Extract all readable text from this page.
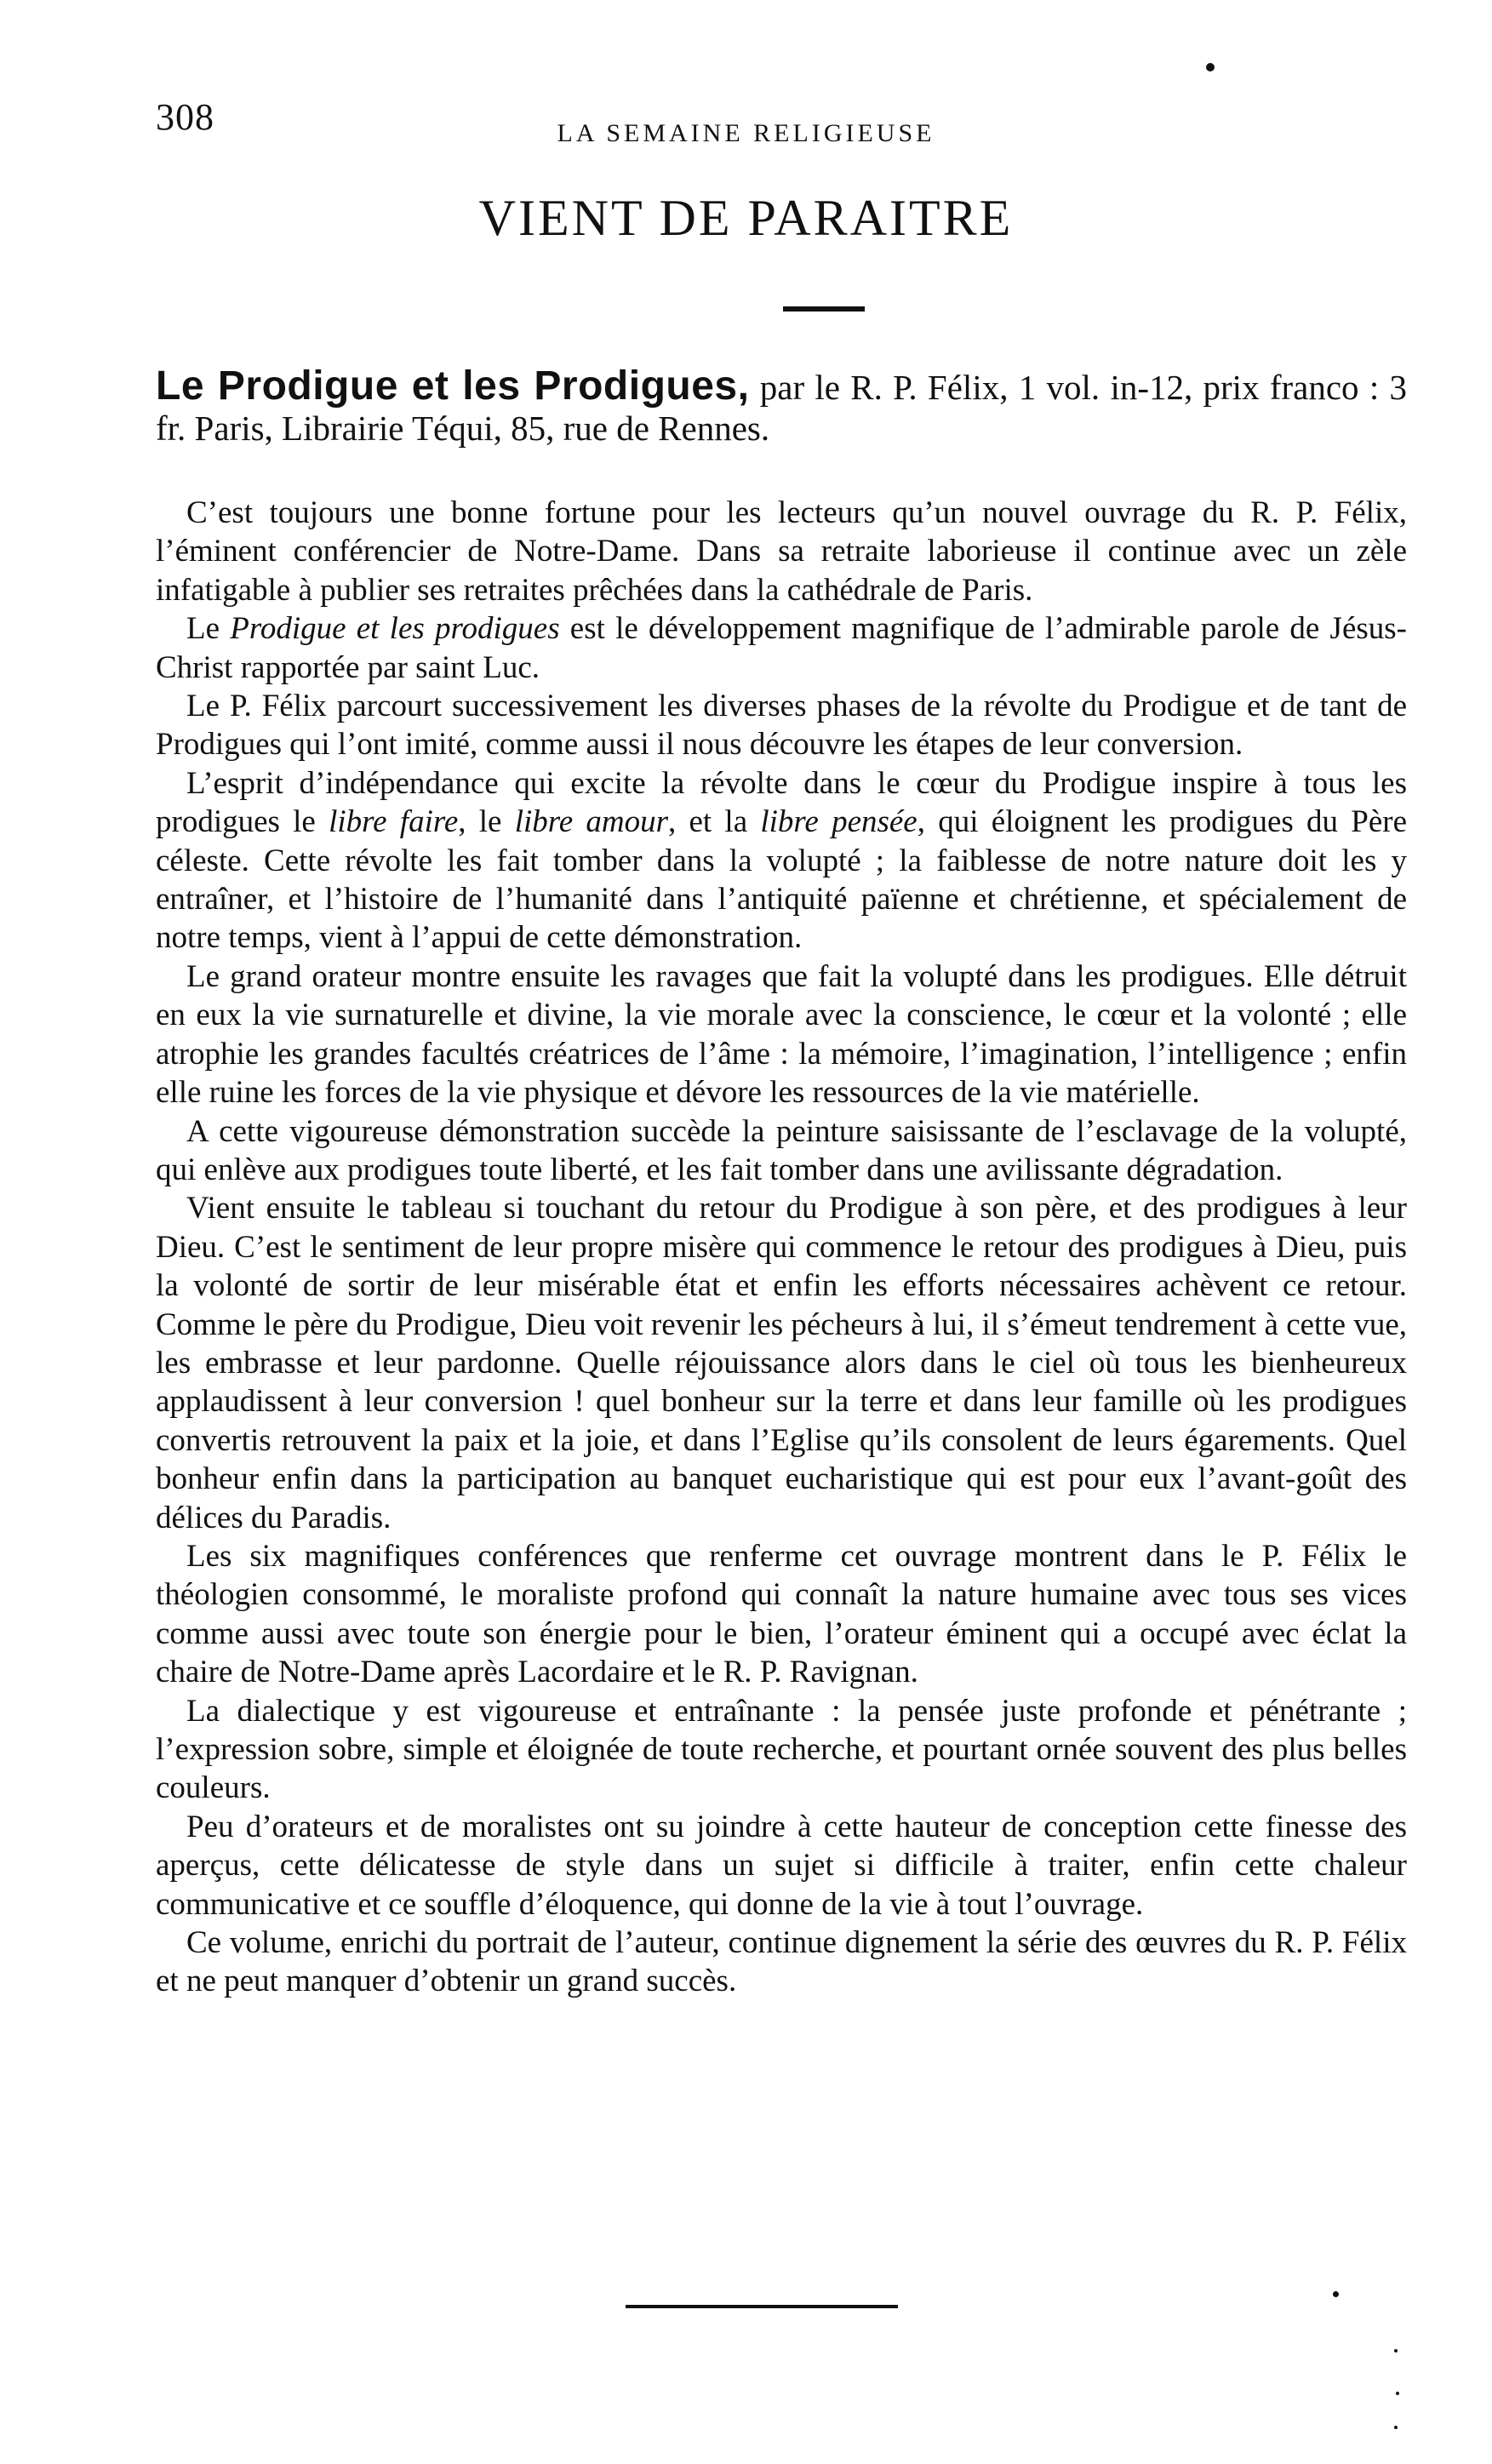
308	LA SEMAINE RELIGIEUSE
VIENT DE PARAITRE
Le Prodigue et les Prodigues, par le R. P. Félix, 1 vol. in-12, prix franco : 3 fr. Paris, Librairie Téqui, 85, rue de Rennes.

C’est toujours une bonne fortune pour les lecteurs qu’un nouvel ouvrage du R. P. Félix, l’éminent conférencier de Notre-Dame. Dans sa retraite laborieuse il continue avec un zèle infatigable à publier ses retraites prêchées dans la cathédrale de Paris.

Le Prodigue et les prodigues est le développement magnifique de l’admirable parole de Jésus-Christ rapportée par saint Luc.

Le P. Félix parcourt successivement les diverses phases de la révolte du Prodigue et de tant de Prodigues qui l’ont imité, comme aussi il nous découvre les étapes de leur conversion.

L’esprit d’indépendance qui excite la révolte dans le cœur du Prodigue inspire à tous les prodigues le libre faire, le libre amour, et la libre pensée, qui éloignent les prodigues du Père céleste. Cette révolte les fait tomber dans la volupté ; la faiblesse de notre nature doit les y entraîner, et l’histoire de l’humanité dans l’antiquité païenne et chrétienne, et spécialement de notre temps, vient à l’appui de cette démonstration.

Le grand orateur montre ensuite les ravages que fait la volupté dans les prodigues. Elle détruit en eux la vie surnaturelle et divine, la vie morale avec la conscience, le cœur et la volonté ; elle atrophie les grandes facultés créatrices de l’âme : la mémoire, l’imagination, l’intelligence ; enfin elle ruine les forces de la vie physique et dévore les ressources de la vie matérielle.

A cette vigoureuse démonstration succède la peinture saisissante de l’esclavage de la volupté, qui enlève aux prodigues toute liberté, et les fait tomber dans une avilissante dégradation.

Vient ensuite le tableau si touchant du retour du Prodigue à son père, et des prodigues à leur Dieu. C’est le sentiment de leur propre misère qui commence le retour des prodigues à Dieu, puis la volonté de sortir de leur misérable état et enfin les efforts nécessaires achèvent ce retour. Comme le père du Prodigue, Dieu voit revenir les pécheurs à lui, il s’émeut tendrement à cette vue, les embrasse et leur pardonne. Quelle réjouissance alors dans le ciel où tous les bienheureux applaudissent à leur conversion ! quel bonheur sur la terre et dans leur famille où les prodigues convertis retrouvent la paix et la joie, et dans l’Eglise qu’ils consolent de leurs égarements. Quel bonheur enfin dans la participation au banquet eucharistique qui est pour eux l’avant-goût des délices du Paradis.

Les six magnifiques conférences que renferme cet ouvrage montrent dans le P. Félix le théologien consommé, le moraliste profond qui connaît la nature humaine avec tous ses vices comme aussi avec toute son énergie pour le bien, l’orateur éminent qui a occupé avec éclat la chaire de Notre-Dame après Lacordaire et le R. P. Ravignan.

La dialectique y est vigoureuse et entraînante : la pensée juste profonde et pénétrante ; l’expression sobre, simple et éloignée de toute recherche, et pourtant ornée souvent des plus belles couleurs.

Peu d’orateurs et de moralistes ont su joindre à cette hauteur de conception cette finesse des aperçus, cette délicatesse de style dans un sujet si difficile à traiter, enfin cette chaleur communicative et ce souffle d’éloquence, qui donne de la vie à tout l’ouvrage.

Ce volume, enrichi du portrait de l’auteur, continue dignement la série des œuvres du R. P. Félix et ne peut manquer d’obtenir un grand succès.
